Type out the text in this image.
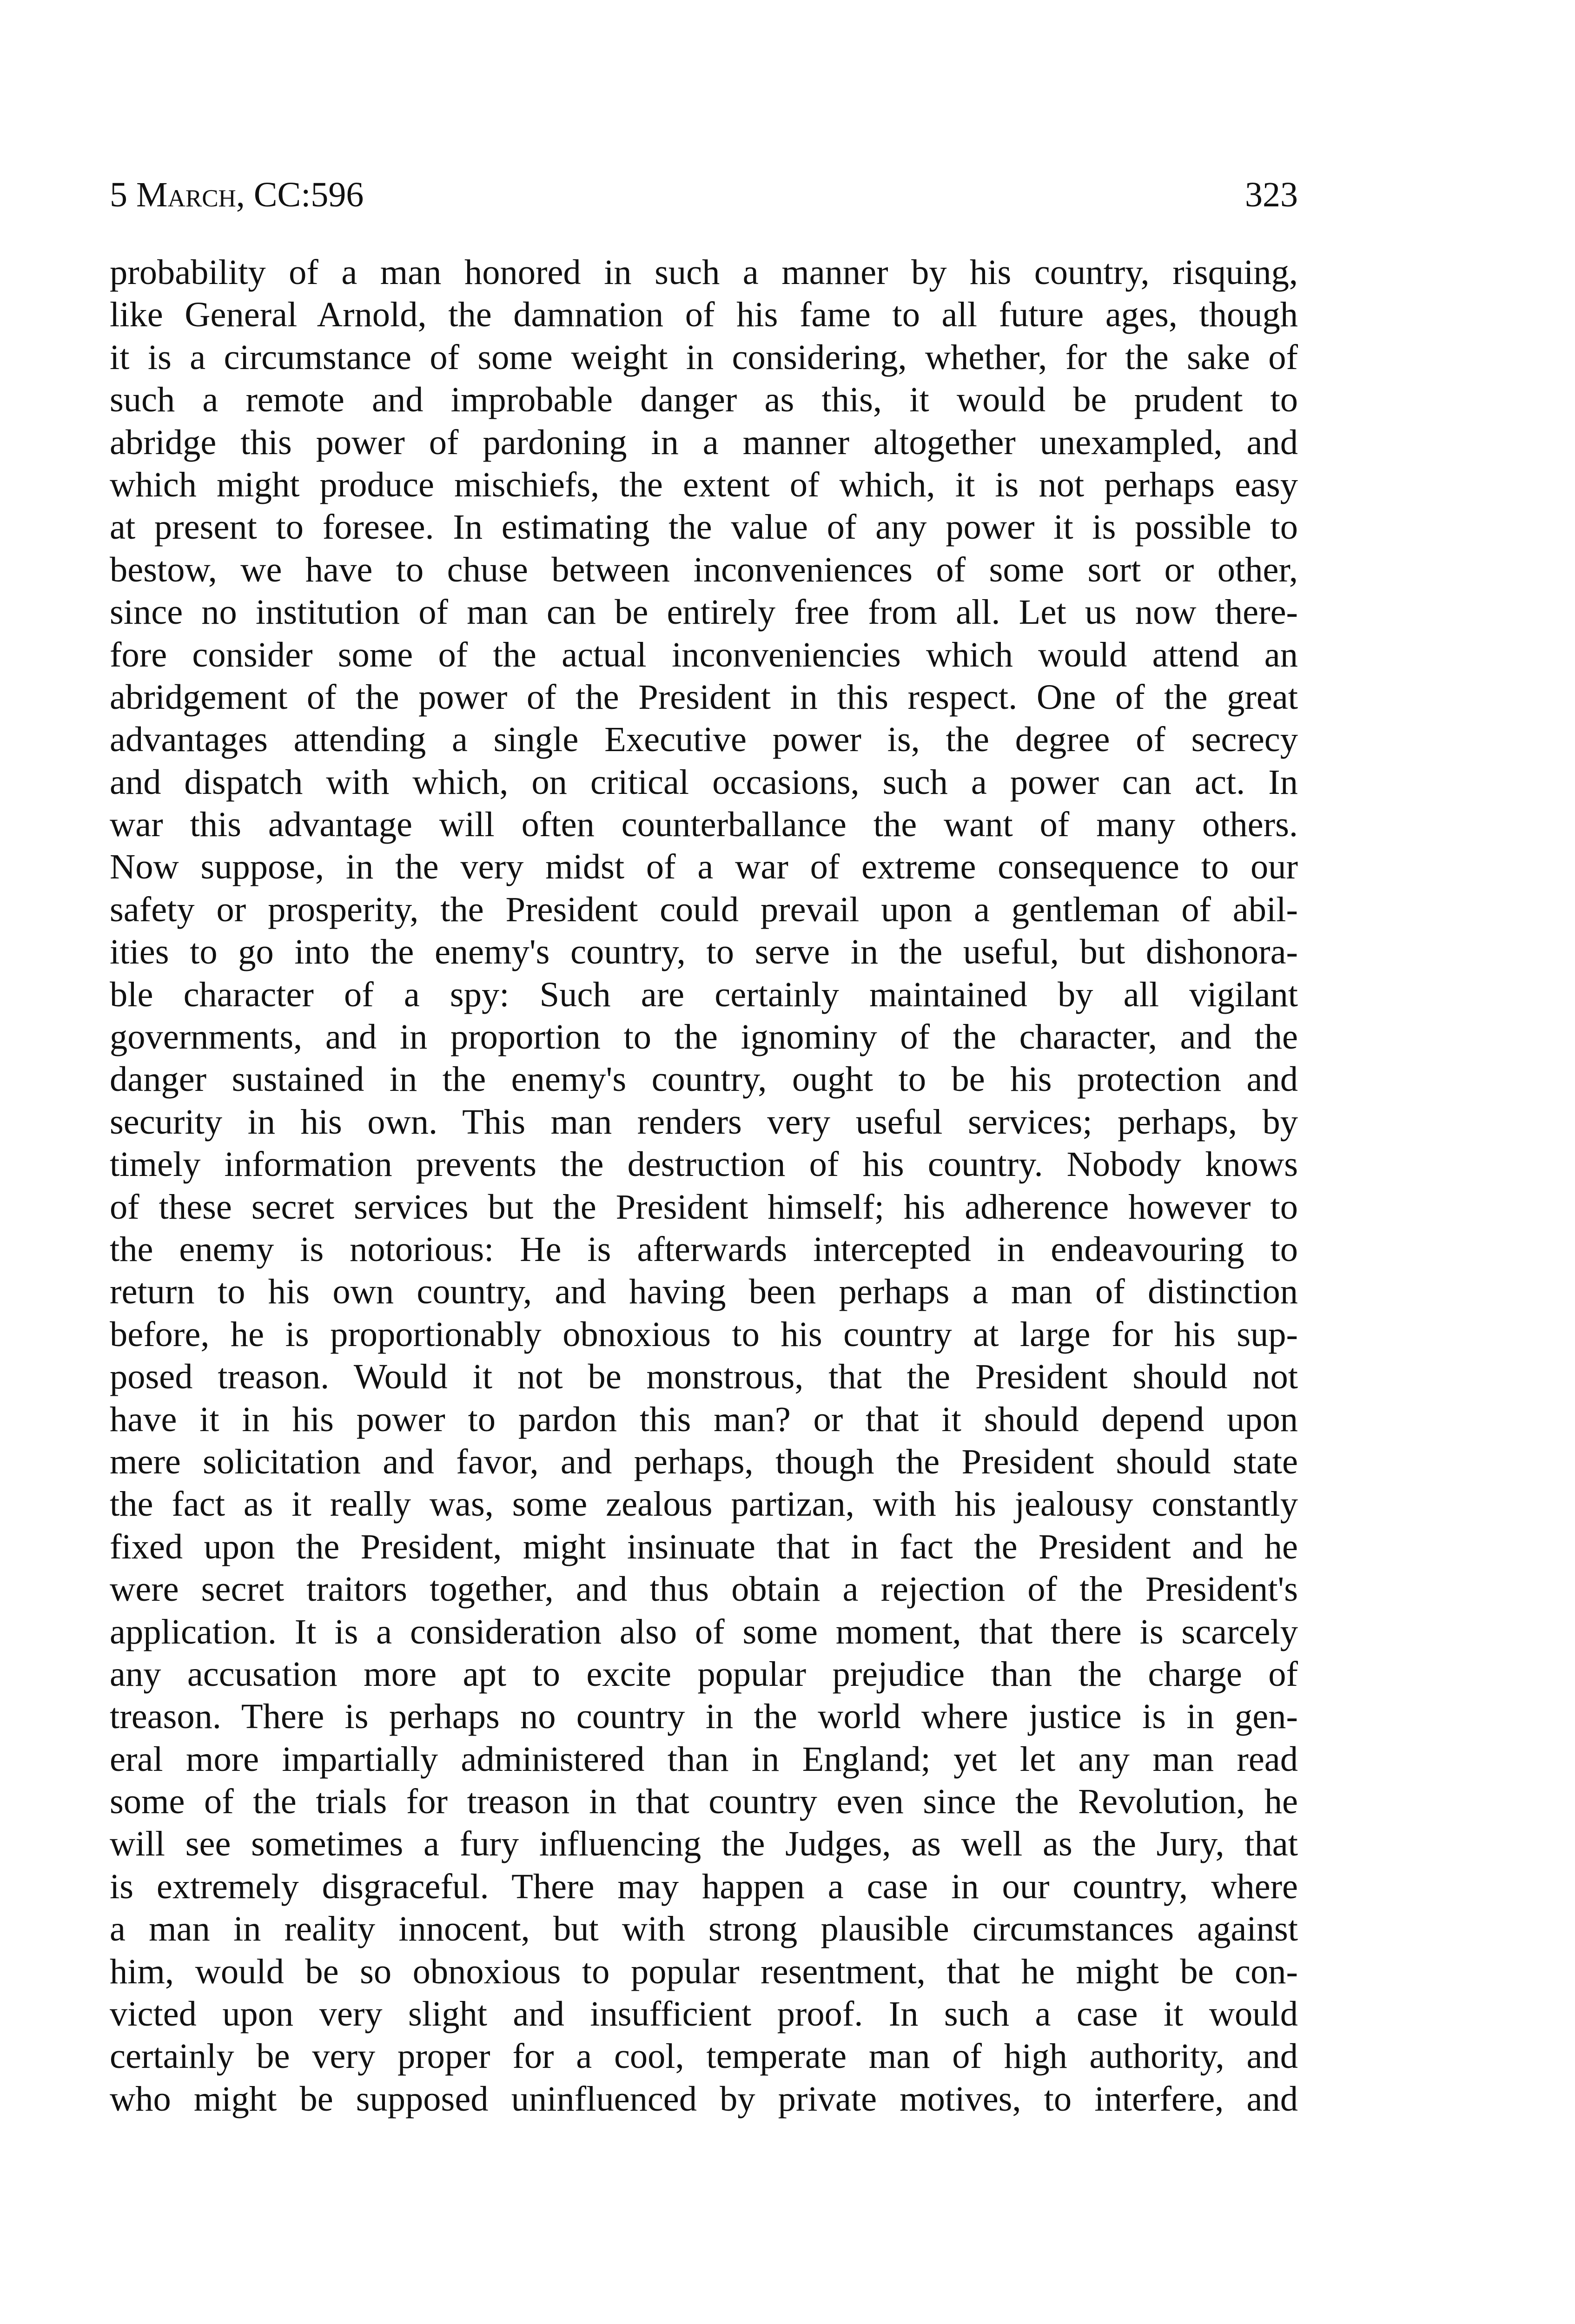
5 March, CC:596	323
probability of a man honored in such a manner by his country, risquing,
like General Arnold, the damnation of his fame to all future ages, though
it is a circumstance of some weight in considering, whether, for the sake of
such a remote and improbable danger as this, it would be prudent to
abridge this power of pardoning in a manner altogether unexampled, and
which might produce mischiefs, the extent of which, it is not perhaps easy
at present to foresee. In estimating the value of any power it is possible to
bestow, we have to chuse between inconveniences of some sort or other,
since no institution of man can be entirely free from all. Let us now there-
fore consider some of the actual inconveniencies which would attend an
abridgement of the power of the President in this respect. One of the great
advantages attending a single Executive power is, the degree of secrecy
and dispatch with which, on critical occasions, such a power can act. In
war this advantage will often counterballance the want of many others.
Now suppose, in the very midst of a war of extreme consequence to our
safety or prosperity, the President could prevail upon a gentleman of abil-
ities to go into the enemy's country, to serve in the useful, but dishonora-
ble character of a spy: Such are certainly maintained by all vigilant
governments, and in proportion to the ignominy of the character, and the
danger sustained in the enemy's country, ought to be his protection and
security in his own. This man renders very useful services; perhaps, by
timely information prevents the destruction of his country. Nobody knows
of these secret services but the President himself; his adherence however to
the enemy is notorious: He is afterwards intercepted in endeavouring to
return to his own country, and having been perhaps a man of distinction
before, he is proportionably obnoxious to his country at large for his sup-
posed treason. Would it not be monstrous, that the President should not
have it in his power to pardon this man? or that it should depend upon
mere solicitation and favor, and perhaps, though the President should state
the fact as it really was, some zealous partizan, with his jealousy constantly
fixed upon the President, might insinuate that in fact the President and he
were secret traitors together, and thus obtain a rejection of the President's
application. It is a consideration also of some moment, that there is scarcely
any accusation more apt to excite popular prejudice than the charge of
treason. There is perhaps no country in the world where justice is in gen-
eral more impartially administered than in England; yet let any man read
some of the trials for treason in that country even since the Revolution, he
will see sometimes a fury influencing the Judges, as well as the Jury, that
is extremely disgraceful. There may happen a case in our country, where
a man in reality innocent, but with strong plausible circumstances against
him, would be so obnoxious to popular resentment, that he might be con-
victed upon very slight and insufficient proof. In such a case it would
certainly be very proper for a cool, temperate man of high authority, and
who might be supposed uninfluenced by private motives, to interfere, and
